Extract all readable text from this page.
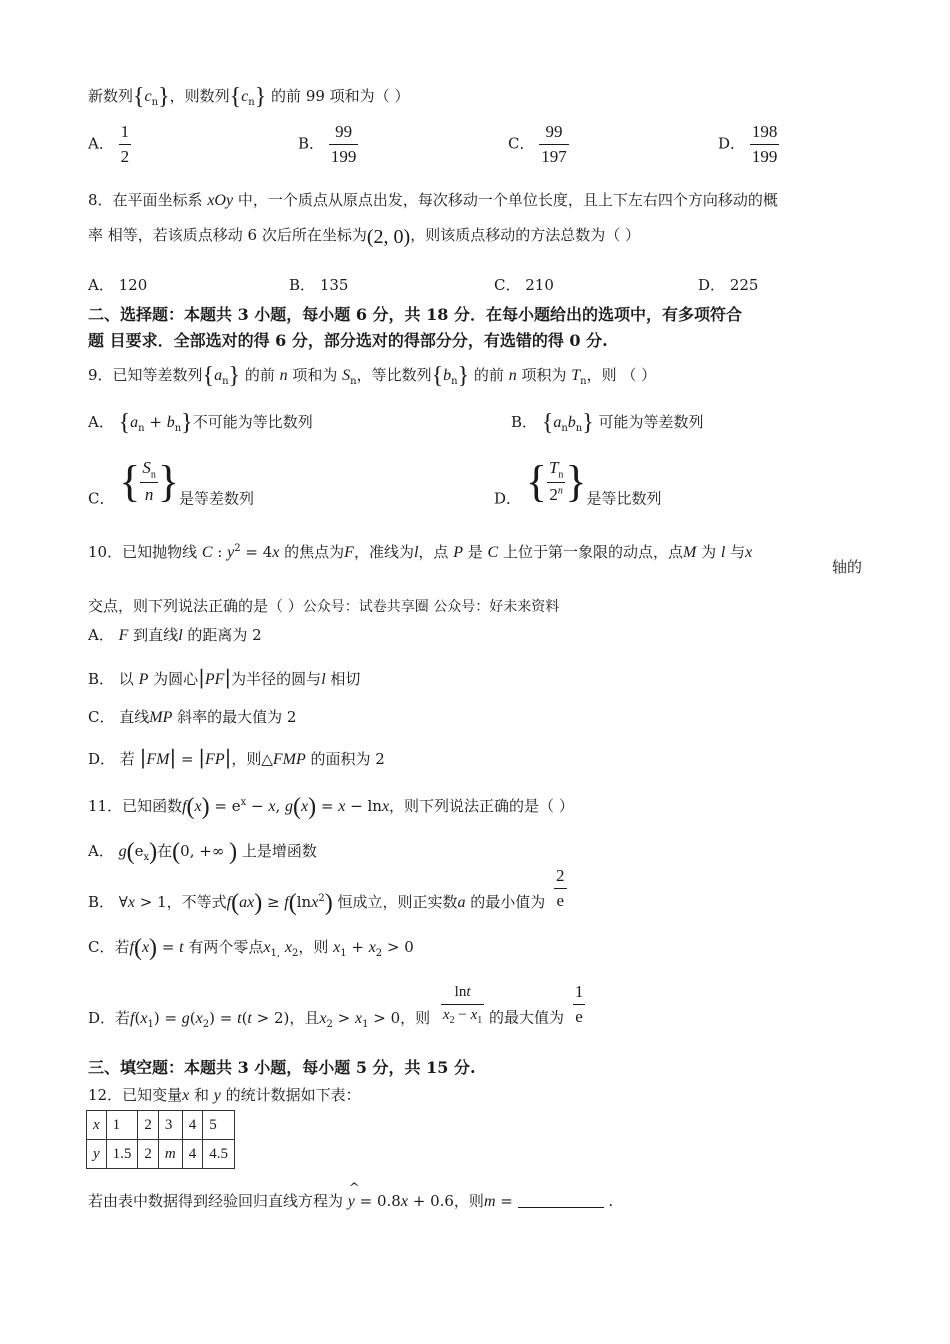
新数列$\{c_n\}$，则数列$\{c_n\}$ 的前 99 项和为（ ）
A． $\frac{1}{2}$	B． $\frac{99}{199}$	C． $\frac{99}{197}$	D． $\frac{198}{199}$
8．在平面坐标系 xOy 中，一个质点从原点出发，每次移动一个单位长度，且上下左右四个方向移动的概
率 相等，若该质点移动 6 次后所在坐标为(2, 0)，则该质点移动的方法总数为（ ）
A． 120	B． 135	C． 210	D． 225
二、选择题：本题共 3 小题，每小题 6 分，共 18 分．在每小题给出的选项中，有多项符合
题 目要求．全部选对的得 6 分，部分选对的得部分分，有选错的得 0 分.
9．已知等差数列$\{a_n\}$ 的前 n 项和为 $S_n$，等比数列$\{b_n\}$ 的前 n 项积为 $T_n$，则 （ ）
A． $\{a_n + b_n\}$不可能为等比数列	B． $\{a_nb_n\}$ 可能为等差数列
C． { $\frac{S_n}{n}$ }是等差数列	D． { $\frac{T_n}{2^n}$ }是等比数列
10．已知抛物线 C : $y^2 = 4x$ 的焦点为F，准线为l，点 P 是 C 上位于第一象限的动点，点M 为 l 与x
轴的
交点，则下列说法正确的是（ ）公众号：试卷共享圈 公众号：好未来资料
A． F 到直线l 的距离为 2
B． 以 P 为圆心|PF|为半径的圆与l 相切
C． 直线MP 斜率的最大值为 2
D． 若 |FM| = |FP|，则△FMP 的面积为 2
11．已知函数$f(x) = e^x - x$, g(x) = x − lnx，则下列说法正确的是（ ）
A． $g(e_x)$在(0, +∞ ) 上是增函数
B． ∀x > 1，不等式f(ax) ≥ f(lnx$^2$) 恒成立，则正实数a 的最小值为 $\frac{2}{e}$
C．若f(x) = t 有两个零点$x_{1,}$ $x_2$，则 $x_1 + x_2 > 0$
D．若$f(x_1) = g(x_2) = t(t > 2)$，且$x_2 > x_1 > 0$，则 $\frac{\ln t}{x_2 - x_1}$ 的最大值为 $\frac{1}{e}$
三、填空题：本题共 3 小题，每小题 5 分，共 15 分.
12．已知变量x 和 y 的统计数据如下表：
x	1	2	3	4	5
y	1.5	2	m	4	4.5
若由表中数据得到经验回归直线方程为
^
y = 0.8x + 0.6，则m =	.
